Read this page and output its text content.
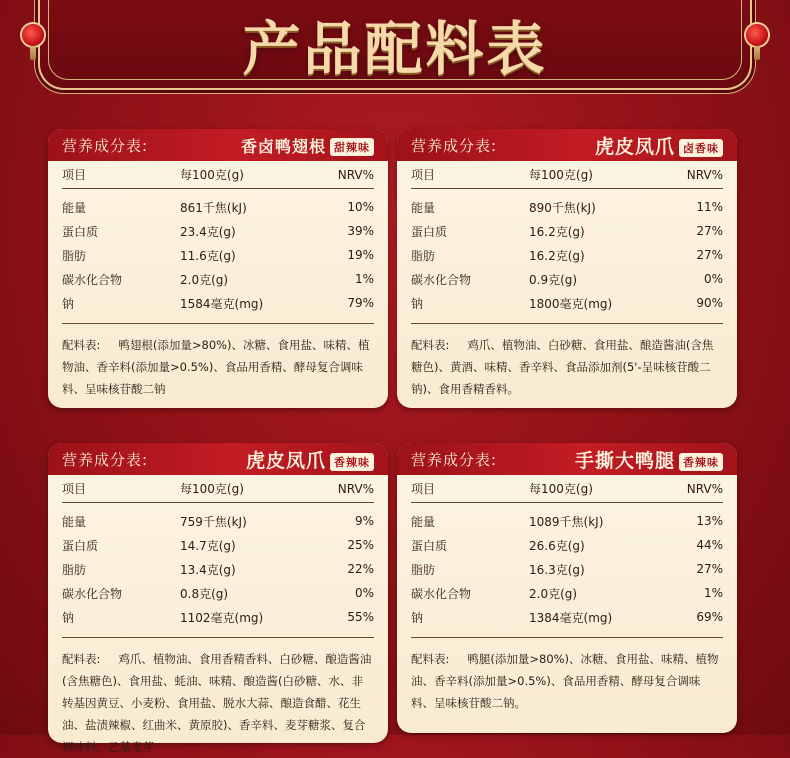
产品配料表
营养成分表:	香卤鸭翅根 甜辣味
项目	每100克(g)	NRV%
能量	861千焦(kJ)	10%
蛋白质	23.4克(g)	39%
脂肪	11.6克(g)	19%
碳水化合物	2.0克(g)	1%
钠	1584毫克(mg)	79%
配料表: 鸭翅根(添加量>80%)、冰糖、食用盐、味精、植物油、香辛料(添加量>0.5%)、食品用香精、酵母复合调味料、呈味核苷酸二钠
营养成分表:	虎皮凤爪 卤香味
项目	每100克(g)	NRV%
能量	890千焦(kJ)	11%
蛋白质	16.2克(g)	27%
脂肪	16.2克(g)	27%
碳水化合物	0.9克(g)	0%
钠	1800毫克(mg)	90%
配料表: 鸡爪、植物油、白砂糖、食用盐、酿造酱油(含焦糖色)、黄酒、味精、香辛料、食品添加剂(5'-呈味核苷酸二钠)、食用香精香料。
营养成分表:	虎皮凤爪 香辣味
项目	每100克(g)	NRV%
能量	759千焦(kJ)	9%
蛋白质	14.7克(g)	25%
脂肪	13.4克(g)	22%
碳水化合物	0.8克(g)	0%
钠	1102毫克(mg)	55%
配料表: 鸡爪、植物油、食用香精香料、白砂糖、酿造酱油(含焦糖色)、食用盐、蚝油、味精、酿造酱(白砂糖、水、非转基因黄豆、小麦粉、食用盐、脱水大蒜、酿造食醋、花生油、盐渍辣椒、红曲米、黄原胶)、香辛料、麦芽糖浆、复合调味料、乙基麦芽
营养成分表:	手撕大鸭腿 香辣味
项目	每100克(g)	NRV%
能量	1089千焦(kJ)	13%
蛋白质	26.6克(g)	44%
脂肪	16.3克(g)	27%
碳水化合物	2.0克(g)	1%
钠	1384毫克(mg)	69%
配料表: 鸭腿(添加量>80%)、冰糖、食用盐、味精、植物油、香辛料(添加量>0.5%)、食品用香精、酵母复合调味料、呈味核苷酸二钠。
